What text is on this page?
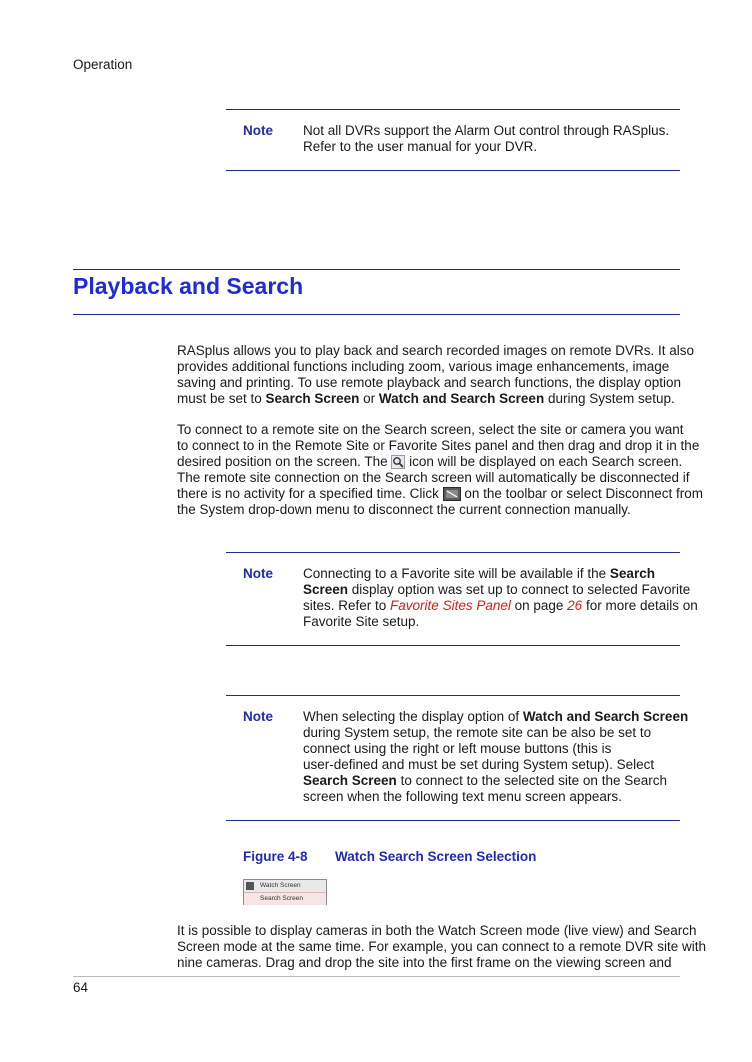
Operation
Note Not all DVRs support the Alarm Out control through RASplus.
Refer to the user manual for your DVR.
Playback and Search
RASplus allows you to play back and search recorded images on remote DVRs. It also
provides additional functions including zoom, various image enhancements, image
saving and printing. To use remote playback and search functions, the display option
must be set to Search Screen or Watch and Search Screen during System setup.
To connect to a remote site on the Search screen, select the site or camera you want
to connect to in the Remote Site or Favorite Sites panel and then drag and drop it in the
desired position on the screen. The  icon will be displayed on each Search screen.
The remote site connection on the Search screen will automatically be disconnected if
there is no activity for a specified time. Click  on the toolbar or select Disconnect from
the System drop-down menu to disconnect the current connection manually.
Note Connecting to a Favorite site will be available if the Search
Screen display option was set up to connect to selected Favorite
sites. Refer to Favorite Sites Panel on page 26 for more details on
Favorite Site setup.
Note When selecting the display option of Watch and Search Screen
during System setup, the remote site can be also be set to
connect using the right or left mouse buttons (this is
user-defined and must be set during System setup). Select
Search Screen to connect to the selected site on the Search
screen when the following text menu screen appears.
Figure 4-8 Watch Search Screen Selection
Watch Screen
Search Screen
It is possible to display cameras in both the Watch Screen mode (live view) and Search
Screen mode at the same time. For example, you can connect to a remote DVR site with
nine cameras. Drag and drop the site into the first frame on the viewing screen and
64
